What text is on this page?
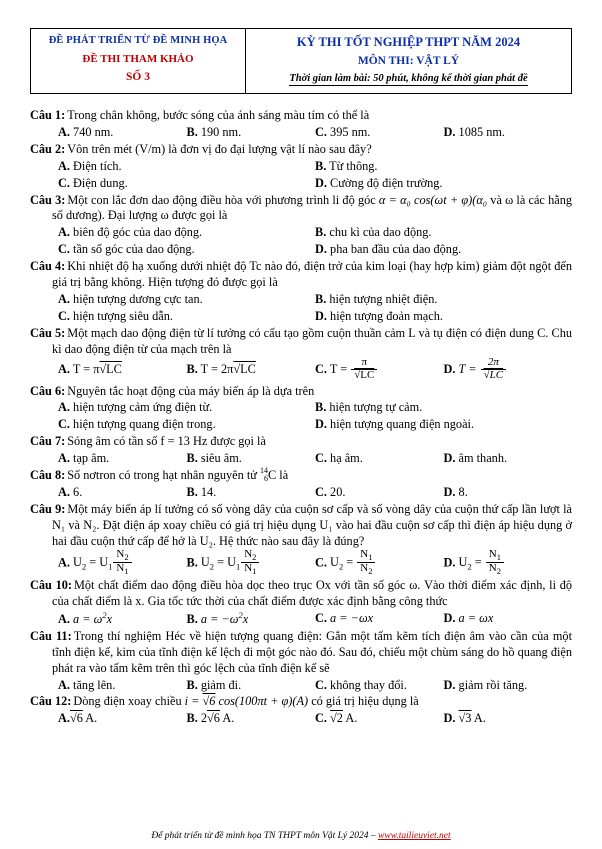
ĐỀ PHÁT TRIỂN TỪ ĐỀ MINH HỌA
ĐỀ THI THAM KHẢO
SỐ 3
KỲ THI TỐT NGHIỆP THPT NĂM 2024
MÔN THI: VẬT LÝ
Thời gian làm bài: 50 phút, không kể thời gian phát đề
Câu 1: Trong chân không, bước sóng của ánh sáng màu tím có thể là
A. 740 nm.	B. 190 nm.	C. 395 nm.	D. 1085 nm.
Câu 2: Vôn trên mét (V/m) là đơn vị đo đại lượng vật lí nào sau đây?
A. Điện tích.	B. Từ thông.
C. Điện dung.	D. Cường độ điện trường.
Câu 3: Một con lắc đơn dao động điều hòa với phương trình li độ góc α = α₀ cos(ωt + φ)(α₀ và ω là các hằng số dương). Đại lượng ω được gọi là
A. biên độ góc của dao động.	B. chu kì của dao động.
C. tần số góc của dao động.	D. pha ban đầu của dao động.
Câu 4: Khi nhiệt độ hạ xuống dưới nhiệt độ Tc nào đó, điện trở của kim loại (hay hợp kim) giảm đột ngột đến giá trị bằng không. Hiện tượng đó được gọi là
A. hiện tượng dương cực tan.	B. hiện tượng nhiệt điện.
C. hiện tượng siêu dẫn.	D. hiện tượng đoản mạch.
Câu 5: Một mạch dao động điện từ lí tưởng có cấu tạo gồm cuộn thuần cảm L và tụ điện có điện dung C. Chu kì dao động điện từ của mạch trên là
A. T = π√LC	B. T = 2π√LC	C. $T = \frac{\pi}{√LC}$	D. $T = \frac{2\pi}{√LC}$
Câu 6: Nguyên tắc hoạt động của máy biến áp là dựa trên
A. hiện tượng cảm ứng điện từ.	B. hiện tượng tự cảm.
C. hiện tượng quang điện trong.	D. hiện tượng quang điện ngoài.
Câu 7: Sóng âm có tần số f = 13 Hz được gọi là
A. tạp âm.	B. siêu âm.	C. hạ âm.	D. âm thanh.
Câu 8: Số nơtron có trong hạt nhân nguyên tử 14
6 C là
A. 6.	B. 14.	C. 20.	D. 8.
Câu 9: Một máy biến áp lí tưởng có số vòng dây của cuộn sơ cấp và số vòng dây của cuộn thứ cấp lần lượt là N₁ và N₂. Đặt điện áp xoay chiều có giá trị hiệu dụng U₁ vào hai đầu cuộn sơ cấp thì điện áp hiệu dụng ở hai đầu cuộn thứ cấp để hở là U₂. Hệ thức nào sau đây là đúng?
A. $U_2 = U_1 \frac{N_2}{N_1}$	B. $U_2 = U_1 \frac{N_2}{N_1}$	C. $U_2 = \frac{N_1}{N_2}$	D. $U_2 = \frac{N_1}{N_2}$
Câu 10: Một chất điểm dao động điều hòa dọc theo trục Ox với tần số góc ω. Vào thời điểm xác định, li độ của chất điểm là x. Gia tốc tức thời của chất điểm được xác định bằng công thức
A. $a = \omega^2x$	B. $a = -\omega^2x$	C. a = −ωx	D. a = ωx
Câu 11: Trong thí nghiệm Héc về hiện tượng quang điện: Gắn một tấm kẽm tích điện âm vào cần của một tĩnh điện kế, kim của tĩnh điện kế lệch đi một góc nào đó. Sau đó, chiếu một chùm sáng do hồ quang điện phát ra vào tấm kẽm trên thì góc lệch của tĩnh điện kế sẽ
A. tăng lên.	B. giảm đi.	C. không thay đổi.	D. giảm rồi tăng.
Câu 12: Dòng điện xoay chiều i = √6 cos(100πt + φ)(A) có giá trị hiệu dụng là
A.√6 A.	B. 2√6 A.	C. √2 A.	D. √3 A.
Để phát triển từ đề minh họa TN THPT môn Vật Lý 2024 – www.tailieuviet.net
